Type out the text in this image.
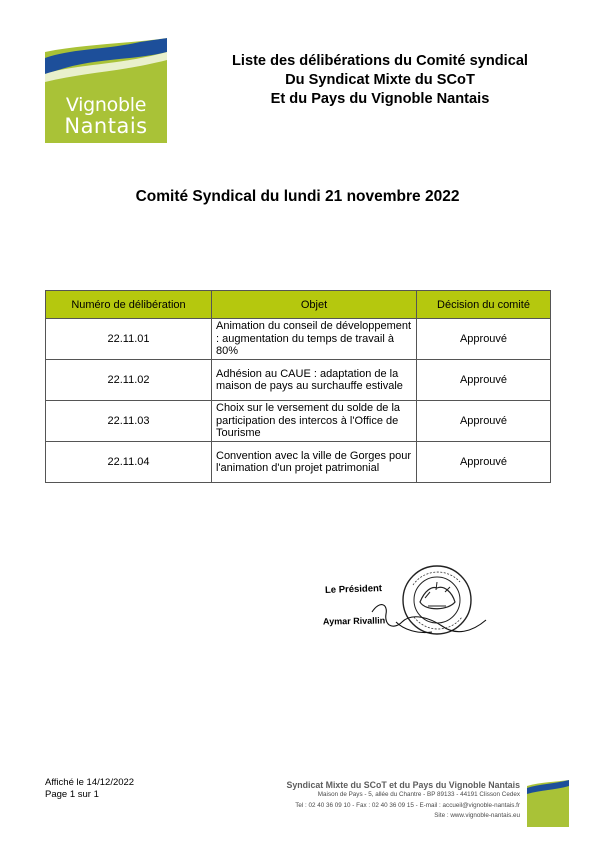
Vignoble
Nantais
Liste des délibérations du Comité syndical
Du Syndicat Mixte du SCoT
Et du Pays du Vignoble Nantais
Comité Syndical du lundi 21 novembre 2022
Numéro de délibération	Objet	Décision du comité
22.11.01	Animation du conseil de développement : augmentation du temps de travail à 80%	Approuvé
22.11.02	Adhésion au CAUE : adaptation de la maison de pays au surchauffe estivale	Approuvé
22.11.03	Choix sur le versement du solde de la participation des intercos à l'Office de Tourisme	Approuvé
22.11.04	Convention avec la ville de Gorges pour l'animation d'un projet patrimonial	Approuvé
Le Président
Aymar Rivallin
Affiché le 14/12/2022
Page 1 sur 1
Syndicat Mixte du SCoT et du Pays du Vignoble Nantais
Maison de Pays - 5, allée du Chantre - BP 89133 - 44191 Clisson Cedex
Tel : 02 40 36 09 10 - Fax : 02 40 36 09 15 - E-mail : accueil@vignoble-nantais.fr
Site : www.vignoble-nantais.eu
